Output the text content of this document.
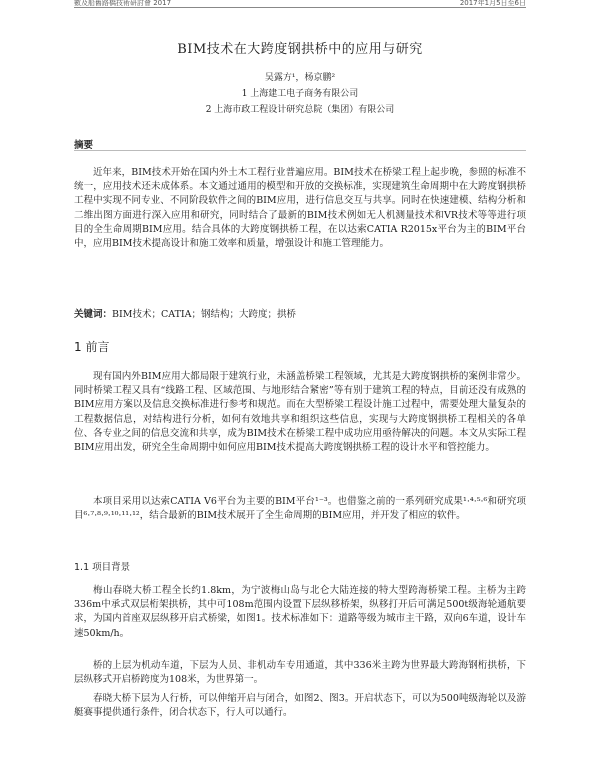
數及船舊路橋技術研討會 2017	2017年1月5日至6日
BIM技术在大跨度钢拱桥中的应用与研究
吴露方¹，杨京鹏²
1 上海建工电子商务有限公司
2 上海市政工程设计研究总院（集团）有限公司
摘要
近年来，BIM技术开始在国内外土木工程行业普遍应用。BIM技术在桥梁工程上起步晚，参照的标准不统一，应用技术还未成体系。本文通过通用的模型和开放的交换标准，实现建筑生命周期中在大跨度钢拱桥工程中实现不同专业、不同阶段软件之间的BIM应用，进行信息交互与共享。同时在快速建模、结构分析和二维出图方面进行深入应用和研究，同时结合了最新的BIM技术例如无人机测量技术和VR技术等等进行项目的全生命周期BIM应用。结合具体的大跨度钢拱桥工程，在以达索CATIA R2015x平台为主的BIM平台中，应用BIM技术提高设计和施工效率和质量，增强设计和施工管理能力。
关键词：BIM技术；CATIA；钢结构；大跨度；拱桥
1 前言
现有国内外BIM应用大都局限于建筑行业，未涵盖桥梁工程领域，尤其是大跨度钢拱桥的案例非常少。同时桥梁工程又具有“线路工程、区域范围、与地形结合紧密”等有别于建筑工程的特点，目前还没有成熟的BIM应用方案以及信息交换标准进行参考和规范。而在大型桥梁工程设计施工过程中，需要处理大量复杂的工程数据信息，对结构进行分析，如何有效地共享和组织这些信息，实现与大跨度钢拱桥工程相关的各单位、各专业之间的信息交流和共享，成为BIM技术在桥梁工程中成功应用亟待解决的问题。本文从实际工程BIM应用出发，研究全生命周期中如何应用BIM技术提高大跨度钢拱桥工程的设计水平和管控能力。
本项目采用以达索CATIA V6平台为主要的BIM平台¹⁻³。也借鉴之前的一系列研究成果¹·⁴·⁵·⁶和研究项目⁶·⁷·⁸·⁹·¹⁰·¹¹·¹²，结合最新的BIM技术展开了全生命周期的BIM应用，并开发了相应的软件。
1.1 项目背景
梅山春晓大桥工程全长约1.8km，为宁波梅山岛与北仑大陆连接的特大型跨海桥梁工程。主桥为主跨336m中承式双层桁架拱桥，其中可108m范围内设置下层纵移桥架，纵移打开后可满足500t级海轮通航要求，为国内首座双层纵移开启式桥梁，如图1。技术标准如下：道路等级为城市主干路，双向6车道，设计车速50km/h。
桥的上层为机动车道，下层为人员、非机动车专用通道，其中336米主跨为世界最大跨海钢桁拱桥，下层纵移式开启桥跨度为108米，为世界第一。
春晓大桥下层为人行桥，可以伸缩开启与闭合，如图2、图3。开启状态下，可以为500吨级海轮以及游艇赛事提供通行条件，闭合状态下，行人可以通行。
